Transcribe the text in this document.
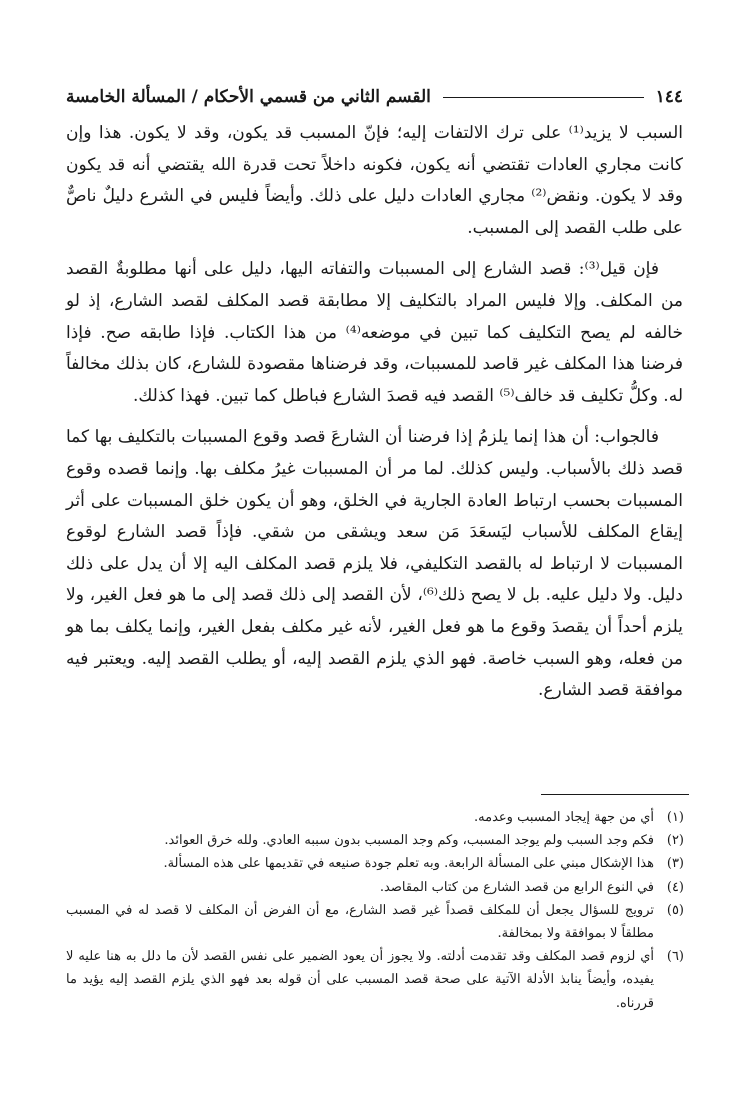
١٤٤
القسم الثاني من قسمي الأحكام / المسألة الخامسة

السبب لا يزيد⁽¹⁾ على ترك الالتفات إليه؛ فإنّ المسبب قد يكون، وقد لا يكون. هذا وإن كانت مجاري العادات تقتضي أنه يكون، فكونه داخلاً تحت قدرة الله يقتضي أنه قد يكون وقد لا يكون. ونقض⁽²⁾ مجاري العادات دليل على ذلك. وأيضاً فليس في الشرع دليلٌ ناصٌّ على طلب القصد إلى المسبب.

فإن قيل⁽³⁾: قصد الشارع إلى المسببات والتفاته اليها، دليل على أنها مطلوبةٌ القصد من المكلف. وإلا فليس المراد بالتكليف إلا مطابقة قصد المكلف لقصد الشارع، إذ لو خالفه لم يصح التكليف كما تبين في موضعه⁽⁴⁾ من هذا الكتاب. فإذا طابقه صح. فإذا فرضنا هذا المكلف غير قاصد للمسببات، وقد فرضناها مقصودة للشارع، كان بذلك مخالفاً له. وكلُّ تكليف قد خالف⁽⁵⁾ القصد فيه قصدَ الشارع فباطل كما تبين. فهذا كذلك.

فالجواب: أن هذا إنما يلزمُ إذا فرضنا أن الشارعَ قصد وقوع المسببات بالتكليف بها كما قصد ذلك بالأسباب. وليس كذلك. لما مر أن المسببات غيرُ مكلف بها. وإنما قصده وقوع المسببات بحسب ارتباط العادة الجارية في الخلق، وهو أن يكون خلق المسببات على أثر إيقاع المكلف للأسباب ليَسعَدَ مَن سعد ويشقى من شقي. فإذاً قصد الشارع لوقوع المسببات لا ارتباط له بالقصد التكليفي، فلا يلزم قصد المكلف اليه إلا أن يدل على ذلك دليل. ولا دليل عليه. بل لا يصح ذلك⁽⁶⁾، لأن القصد إلى ذلك قصد إلى ما هو فعل الغير، ولا يلزم أحداً أن يقصدَ وقوع ما هو فعل الغير، لأنه غير مكلف بفعل الغير، وإنما يكلف بما هو من فعله، وهو السبب خاصة. فهو الذي يلزم القصد إليه، أو يطلب القصد إليه. ويعتبر فيه موافقة قصد الشارع.

(١)
أي من جهة إيجاد المسبب وعدمه.
(٢)
فكم وجد السبب ولم يوجد المسبب، وكم وجد المسبب بدون سببه العادي. ولله خرق العوائد.
(٣)
هذا الإشكال مبني على المسألة الرابعة. وبه تعلم جودة صنيعه في تقديمها على هذه المسألة.
(٤)
في النوع الرابع من قصد الشارع من كتاب المقاصد.
(٥)
ترويج للسؤال يجعل أن للمكلف قصداً غير قصد الشارع، مع أن الفرض أن المكلف لا قصد له في المسبب مطلقاً لا بموافقة ولا بمخالفة.
(٦)
أي لزوم قصد المكلف وقد تقدمت أدلته. ولا يجوز أن يعود الضمير على نفس القصد لأن ما دلل به هنا عليه لا يفيده، وأيضاً ينابذ الأدلة الآتية على صحة قصد المسبب على أن قوله بعد فهو الذي يلزم القصد إليه يؤيد ما قررناه.
